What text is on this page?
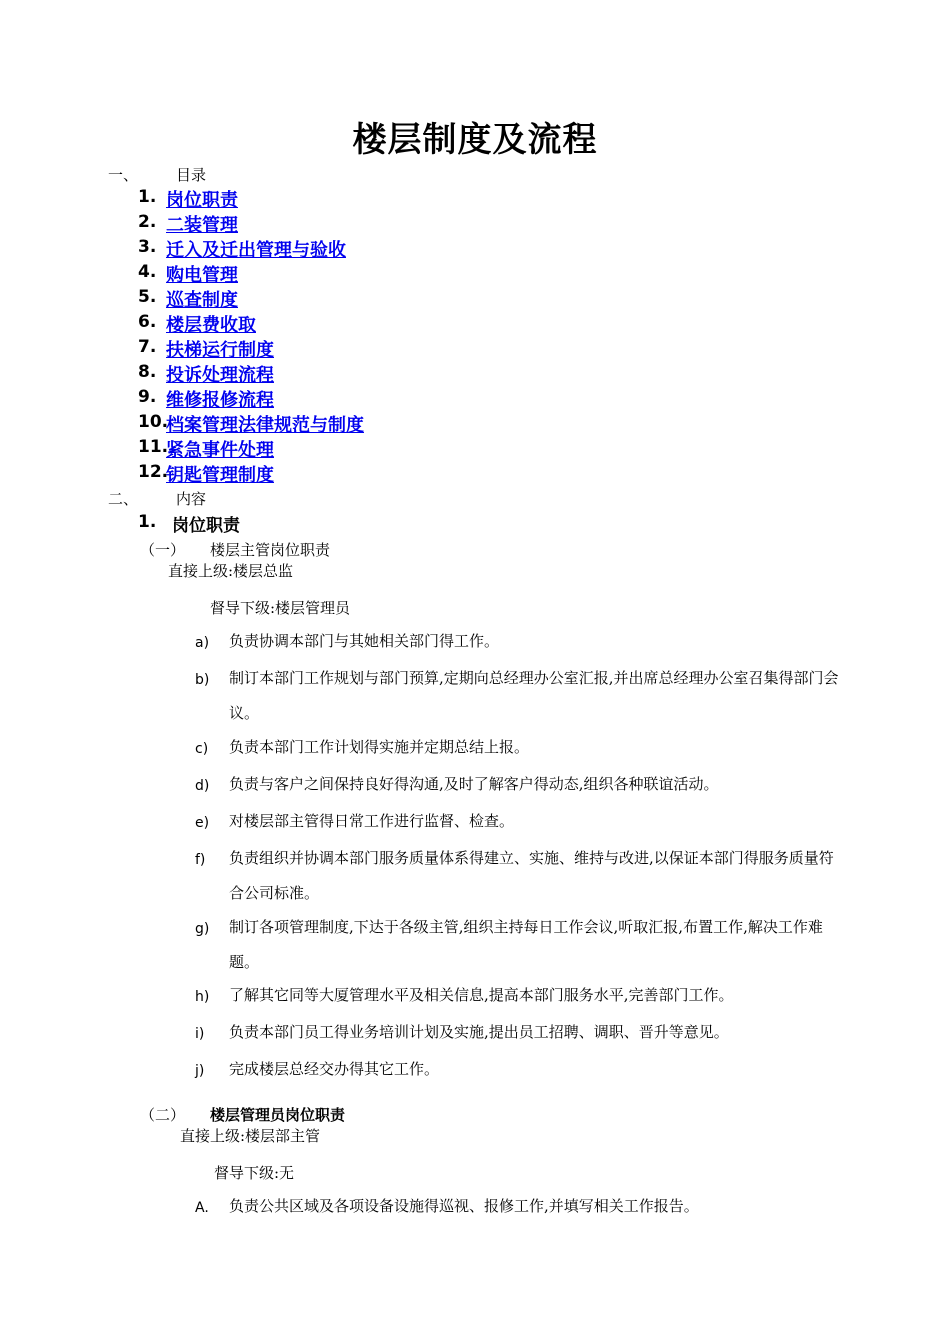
楼层制度及流程
一、	目录
1. 岗位职责
2. 二装管理
3. 迁入及迁出管理与验收
4. 购电管理
5. 巡查制度
6. 楼层费收取
7. 扶梯运行制度
8. 投诉处理流程
9. 维修报修流程
10.
档案管理法律规范与制度
11.
紧急事件处理
12.
钥匙管理制度
二、	内容
1. 岗位职责
（一） 楼层主管岗位职责
直接上级:楼层总监
督导下级:楼层管理员
a) 负责协调本部门与其她相关部门得工作。
b) 制订本部门工作规划与部门预算,定期向总经理办公室汇报,并出席总经理办公室召集得部门会议。
c) 负责本部门工作计划得实施并定期总结上报。
d) 负责与客户之间保持良好得沟通,及时了解客户得动态,组织各种联谊活动。
e) 对楼层部主管得日常工作进行监督、检查。
f) 负责组织并协调本部门服务质量体系得建立、实施、维持与改进,以保证本部门得服务质量符合公司标准。
g) 制订各项管理制度,下达于各级主管,组织主持每日工作会议,听取汇报,布置工作,解决工作难题。
h) 了解其它同等大厦管理水平及相关信息,提高本部门服务水平,完善部门工作。
i) 负责本部门员工得业务培训计划及实施,提出员工招聘、调职、晋升等意见。
j) 完成楼层总经交办得其它工作。
（二） 楼层管理员岗位职责
直接上级:楼层部主管
督导下级:无
A. 负责公共区域及各项设备设施得巡视、报修工作,并填写相关工作报告。
